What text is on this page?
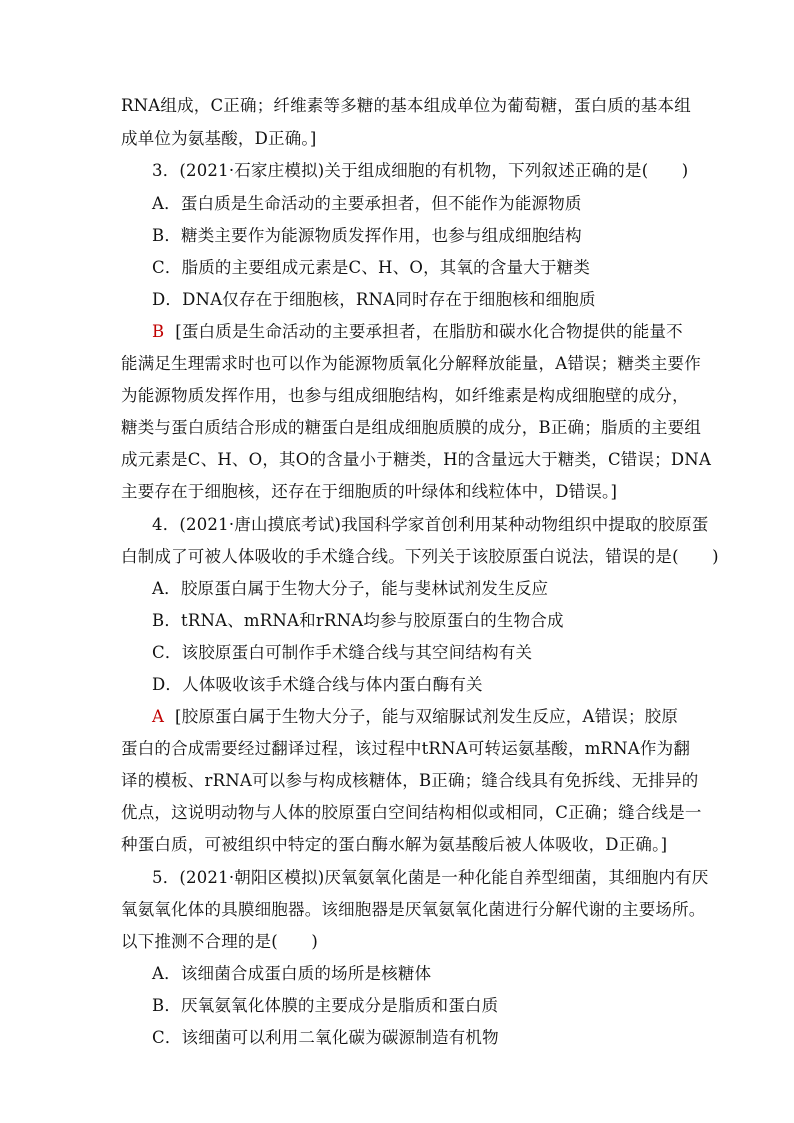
RNA组成，C正确；纤维素等多糖的基本组成单位为葡萄糖，蛋白质的基本组
成单位为氨基酸，D正确。]
3．(2021·石家庄模拟)关于组成细胞的有机物，下列叙述正确的是(　　)
A．蛋白质是生命活动的主要承担者，但不能作为能源物质
B．糖类主要作为能源物质发挥作用，也参与组成细胞结构
C．脂质的主要组成元素是C、H、O，其氧的含量大于糖类
D．DNA仅存在于细胞核，RNA同时存在于细胞核和细胞质
B [蛋白质是生命活动的主要承担者，在脂肪和碳水化合物提供的能量不
能满足生理需求时也可以作为能源物质氧化分解释放能量，A错误；糖类主要作
为能源物质发挥作用，也参与组成细胞结构，如纤维素是构成细胞壁的成分，
糖类与蛋白质结合形成的糖蛋白是组成细胞质膜的成分，B正确；脂质的主要组
成元素是C、H、O，其O的含量小于糖类，H的含量远大于糖类，C错误；DNA
主要存在于细胞核，还存在于细胞质的叶绿体和线粒体中，D错误。]
4．(2021·唐山摸底考试)我国科学家首创利用某种动物组织中提取的胶原蛋
白制成了可被人体吸收的手术缝合线。下列关于该胶原蛋白说法，错误的是(　　)
A．胶原蛋白属于生物大分子，能与斐林试剂发生反应
B．tRNA、mRNA和rRNA均参与胶原蛋白的生物合成
C．该胶原蛋白可制作手术缝合线与其空间结构有关
D．人体吸收该手术缝合线与体内蛋白酶有关
A [胶原蛋白属于生物大分子，能与双缩脲试剂发生反应，A错误；胶原
蛋白的合成需要经过翻译过程，该过程中tRNA可转运氨基酸，mRNA作为翻
译的模板、rRNA可以参与构成核糖体，B正确；缝合线具有免拆线、无排异的
优点，这说明动物与人体的胶原蛋白空间结构相似或相同，C正确；缝合线是一
种蛋白质，可被组织中特定的蛋白酶水解为氨基酸后被人体吸收，D正确。]
5．(2021·朝阳区模拟)厌氧氨氧化菌是一种化能自养型细菌，其细胞内有厌
氧氨氧化体的具膜细胞器。该细胞器是厌氧氨氧化菌进行分解代谢的主要场所。
以下推测不合理的是(　　)
A．该细菌合成蛋白质的场所是核糖体
B．厌氧氨氧化体膜的主要成分是脂质和蛋白质
C．该细菌可以利用二氧化碳为碳源制造有机物
